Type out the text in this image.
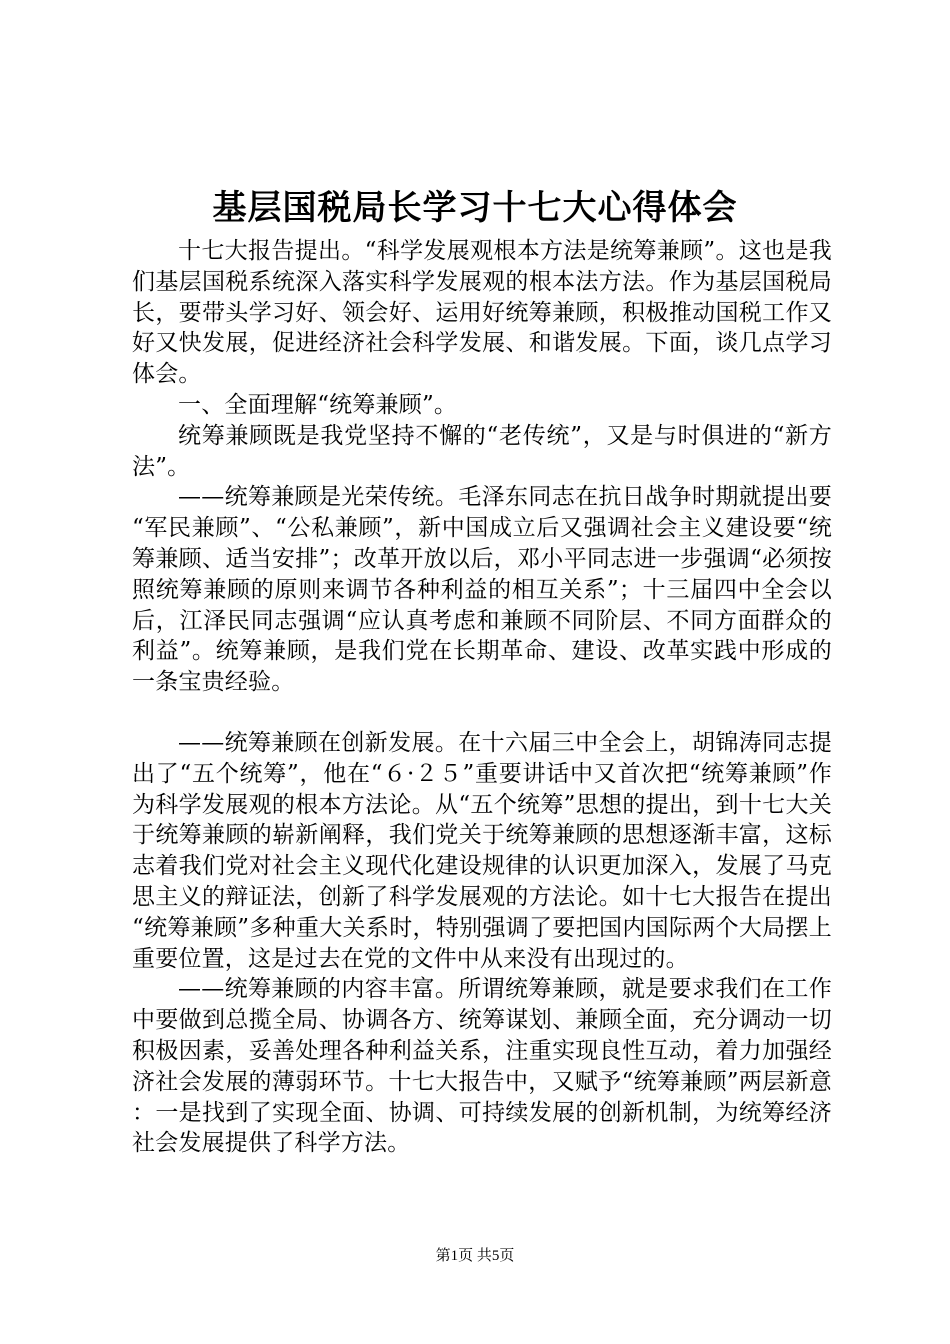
基层国税局长学习十七大心得体会

十七大报告提出。“科学发展观根本方法是统筹兼顾”。这也是我们基层国税系统深入落实科学发展观的根本法方法。作为基层国税局长，要带头学习好、领会好、运用好统筹兼顾，积极推动国税工作又好又快发展，促进经济社会科学发展、和谐发展。下面，谈几点学习体会。

一、全面理解“统筹兼顾”。

统筹兼顾既是我党坚持不懈的“老传统”，又是与时俱进的“新方法”。

——统筹兼顾是光荣传统。毛泽东同志在抗日战争时期就提出要“军民兼顾”、“公私兼顾”，新中国成立后又强调社会主义建设要“统筹兼顾、适当安排”；改革开放以后，邓小平同志进一步强调“必须按照统筹兼顾的原则来调节各种利益的相互关系”；十三届四中全会以后，江泽民同志强调“应认真考虑和兼顾不同阶层、不同方面群众的利益”。统筹兼顾，是我们党在长期革命、建设、改革实践中形成的一条宝贵经验。

——统筹兼顾在创新发展。在十六届三中全会上，胡锦涛同志提出了“五个统筹”，他在“６·２５”重要讲话中又首次把“统筹兼顾”作为科学发展观的根本方法论。从“五个统筹”思想的提出，到十七大关于统筹兼顾的崭新阐释，我们党关于统筹兼顾的思想逐渐丰富，这标志着我们党对社会主义现代化建设规律的认识更加深入，发展了马克思主义的辩证法，创新了科学发展观的方法论。如十七大报告在提出“统筹兼顾”多种重大关系时，特别强调了要把国内国际两个大局摆上重要位置，这是过去在党的文件中从来没有出现过的。

——统筹兼顾的内容丰富。所谓统筹兼顾，就是要求我们在工作中要做到总揽全局、协调各方、统筹谋划、兼顾全面，充分调动一切积极因素，妥善处理各种利益关系，注重实现良性互动，着力加强经济社会发展的薄弱环节。十七大报告中，又赋予“统筹兼顾”两层新意：一是找到了实现全面、协调、可持续发展的创新机制，为统筹经济社会发展提供了科学方法。

第1页 共5页
